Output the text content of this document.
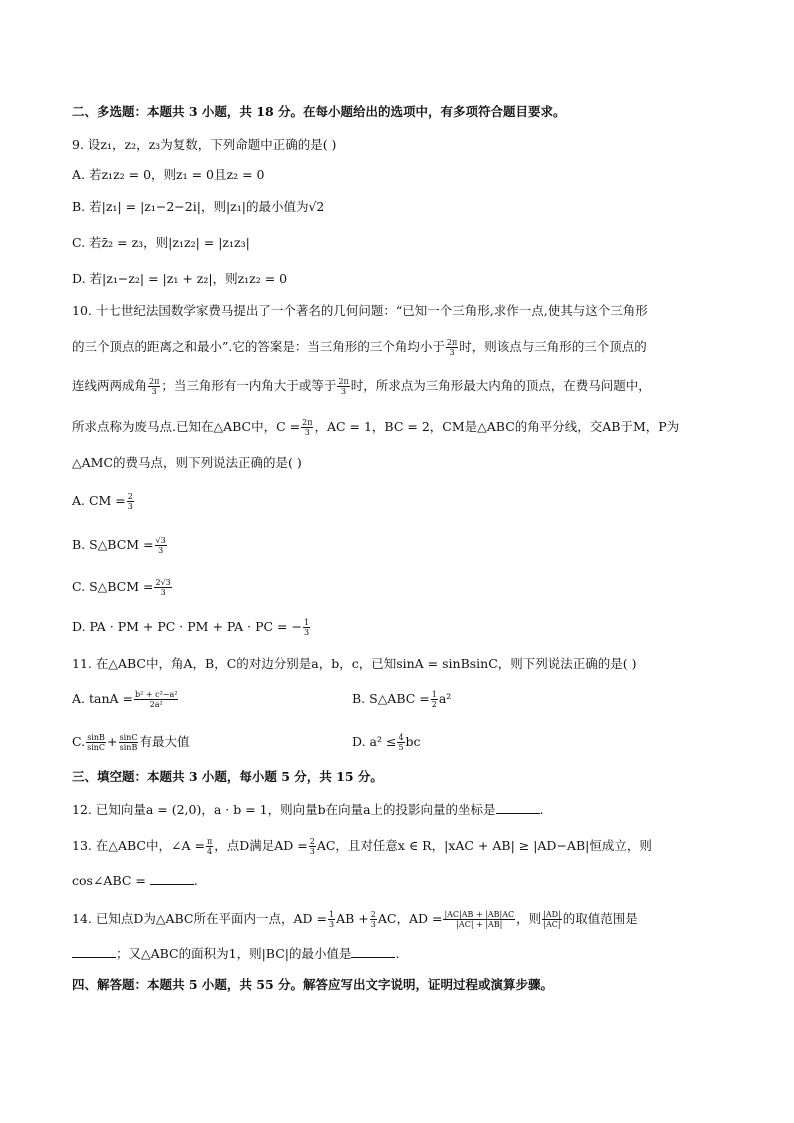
二、多选题：本题共 3 小题，共 18 分。在每小题给出的选项中，有多项符合题目要求。
9. 设z₁，z₂，z₃为复数，下列命题中正确的是( )
A. 若z₁z₂ = 0，则z₁ = 0且z₂ = 0
B. 若|z₁| = |z₁−2−2i|，则|z₁|的最小值为√2
C. 若z̄₂ = z₃，则|z₁z₂| = |z₁z₃|
D. 若|z₁−z₂| = |z₁ + z₂|，则z₁z₂ = 0
10. 十七世纪法国数学家费马提出了一个著名的几何问题：“已知一个三角形,求作一点,使其与这个三角形
的三个顶点的距离之和最小”.它的答案是：当三角形的三个角均小于 $\frac{2\pi}{3}$ 时，则该点与三角形的三个顶点的
连线两两成角 $\frac{2\pi}{3}$ ；当三角形有一内角大于或等于 $\frac{2\pi}{3}$ 时，所求点为三角形最大内角的顶点，在费马问题中，
所求点称为废马点.已知在△ABC中，$C = \frac{2\pi}{3}$ ，AC = 1，BC = 2，CM是△ABC的角平分线，交AB于M，P为
△AMC的费马点，则下列说法正确的是( )
A. CM = $\frac{2}{3}$
B. S△BCM = $\frac{√3}{3}$
C. S△BCM = $\frac{2√3}{3}$
D. PA · PM + PC · PM + PA · PC = − $\frac{1}{3}$
11. 在△ABC中，角A，B，C的对边分别是a，b，c，已知sinA = sinBsinC，则下列说法正确的是( )
A. $\tan A = \frac{\text{b² + c²−a²}}{\text{2a²}}$	B. S△ABC = $\frac{1}{2} a^2$
C. $\frac{\sin B}{\sin C} + \frac{\sin C}{\sin B}$ 有最大值	D. $a^2 \le \frac{4}{5}$ bc
三、填空题：本题共 3 小题，每小题 5 分，共 15 分。
12. 已知向量a = (2,0)，a · b = 1，则向量b在向量a上的投影向量的坐标是	.
13. 在△ABC中，∠A = $\frac{\pi}{4}$ ，点D满足AD = $\frac{2}{3}$ AC，且对任意x ∈ R，|xAC + AB| ≥ |AD−AB|恒成立，则
cos∠ABC =	.
14. 已知点D为△ABC所在平面内一点，AD = $\frac{1}{3}$ AB + $\frac{2}{3}$ AC，AD = $\frac{|AC|AB + |AB|AC}{|AC| + |AB|}$ ，则 $\frac{|AD|}{|AC|}$ 的取值范围是
；又△ABC的面积为1，则|BC|的最小值是	.
四、解答题：本题共 5 小题，共 55 分。解答应写出文字说明，证明过程或演算步骤。
